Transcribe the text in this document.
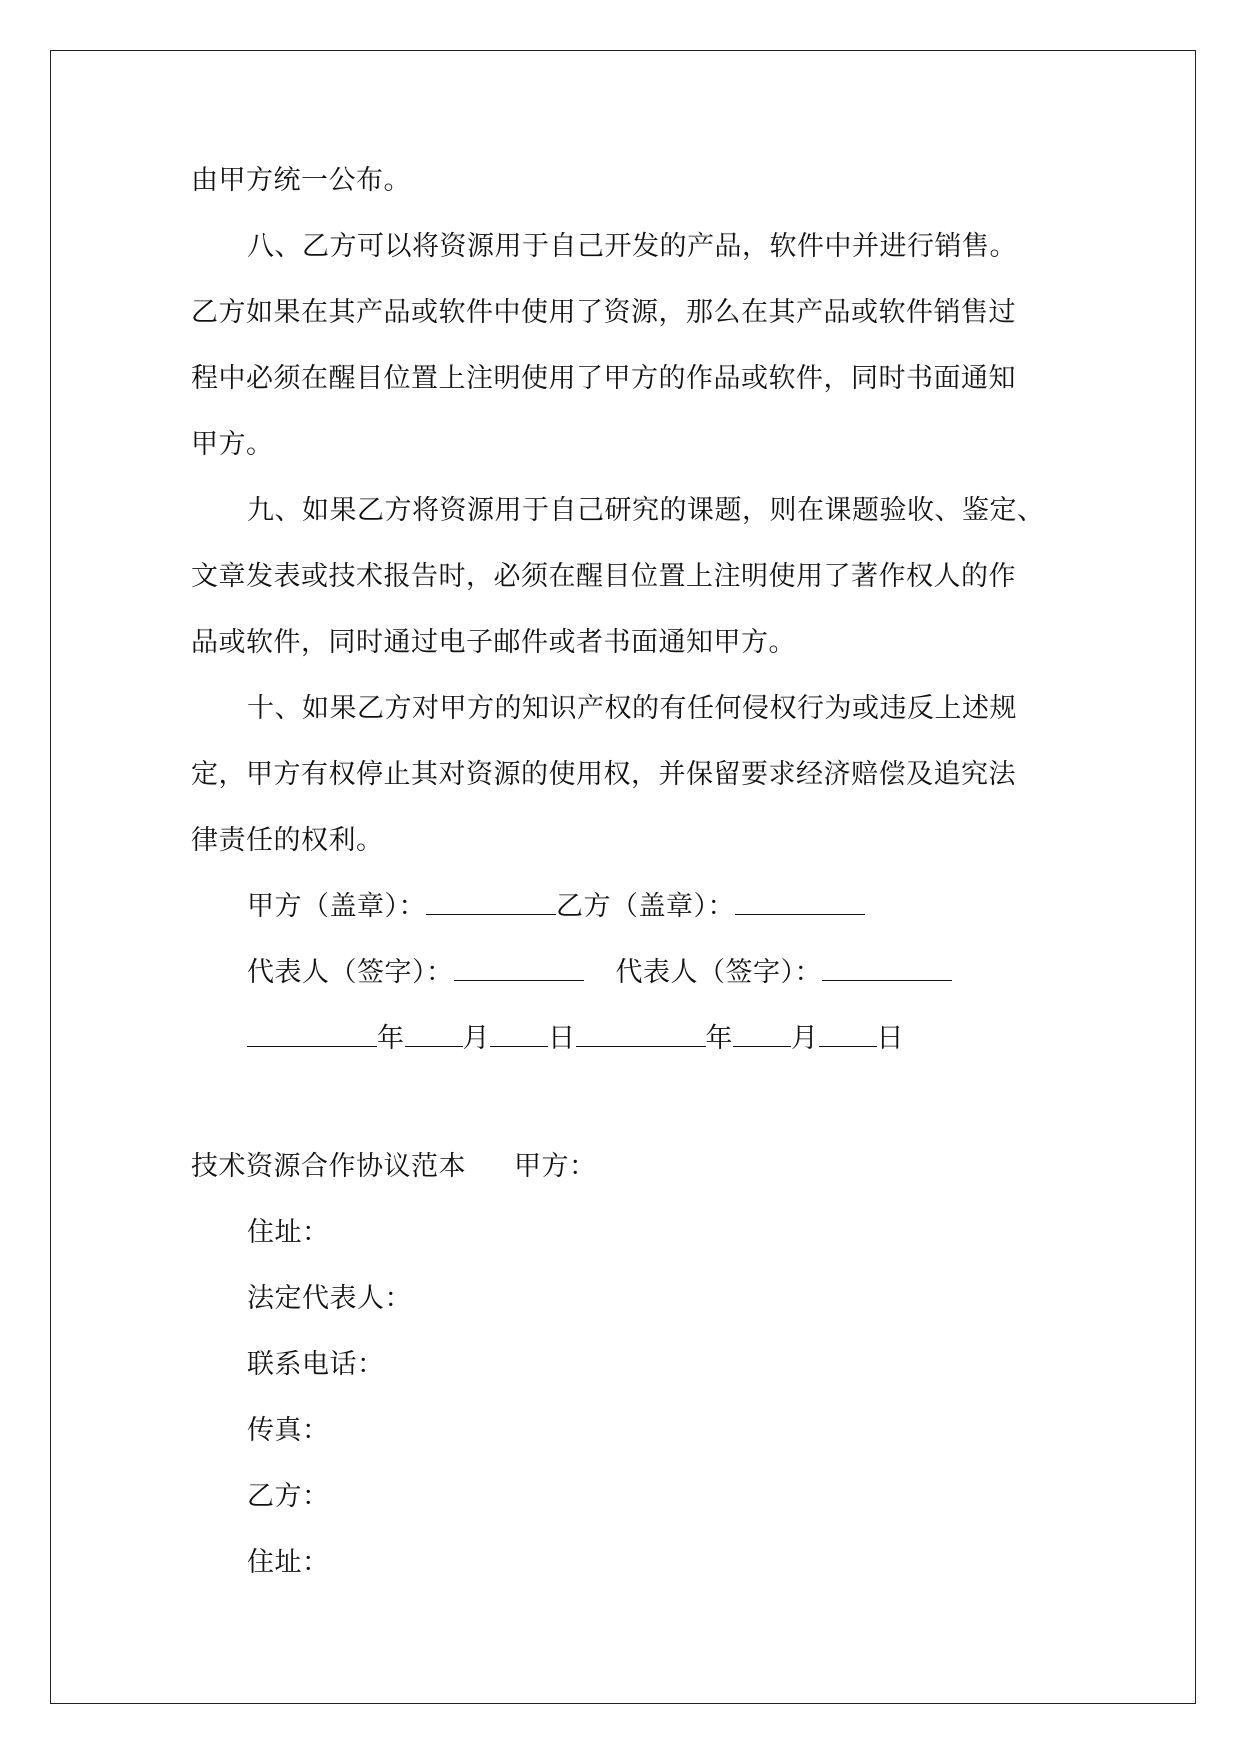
由甲方统一公布。
八、乙方可以将资源用于自己开发的产品，软件中并进行销售。
乙方如果在其产品或软件中使用了资源，那么在其产品或软件销售过
程中必须在醒目位置上注明使用了甲方的作品或软件，同时书面通知
甲方。
九、如果乙方将资源用于自己研究的课题，则在课题验收、鉴定、
文章发表或技术报告时，必须在醒目位置上注明使用了著作权人的作
品或软件，同时通过电子邮件或者书面通知甲方。
十、如果乙方对甲方的知识产权的有任何侵权行为或违反上述规
定，甲方有权停止其对资源的使用权，并保留要求经济赔偿及追究法
律责任的权利。
甲方（盖章）：	乙方（盖章）：
代表人（签字）：	代表人（签字）：
年 月 日	年 月 日
技术资源合作协议范本 甲方：
住址：
法定代表人：
联系电话：
传真：
乙方：
住址：
